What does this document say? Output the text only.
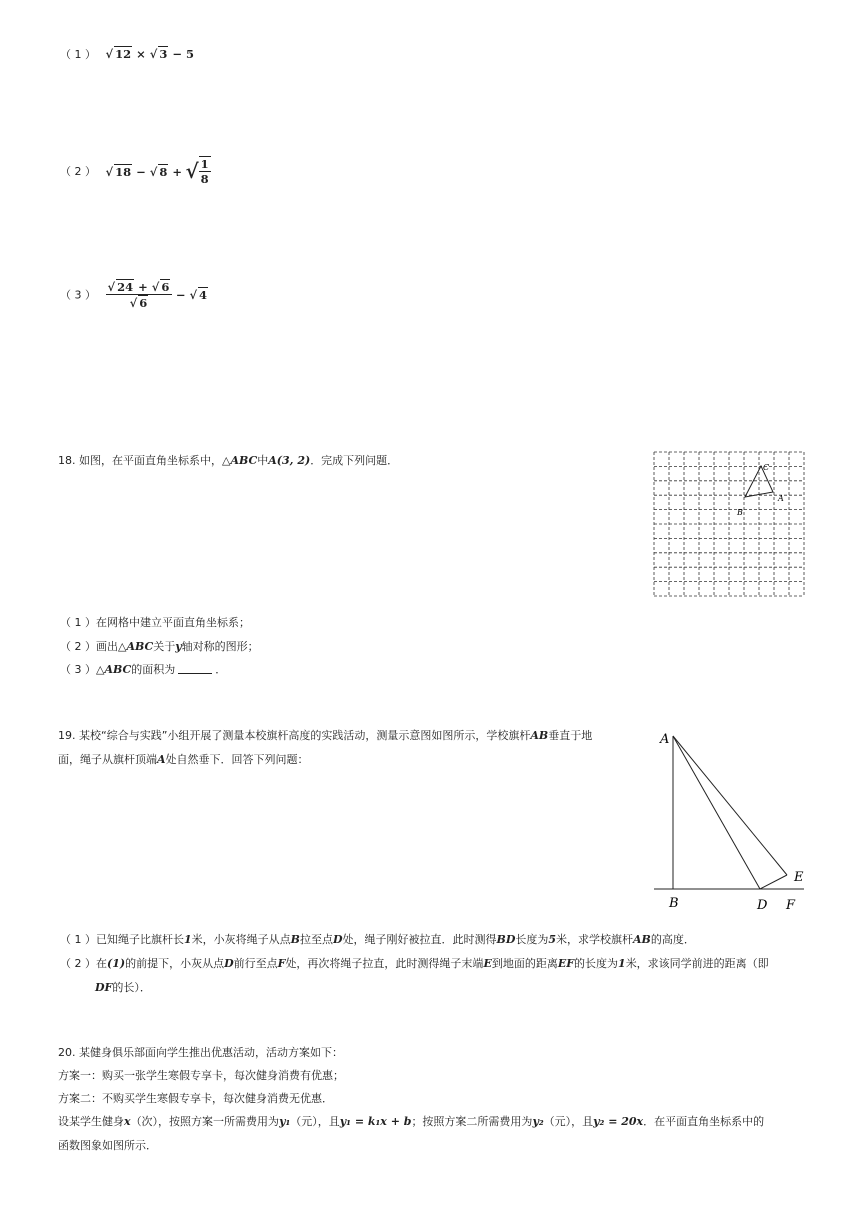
（ 1 ） √ 12 × √ 3 − 5
（ 2 ） √ 18 − √ 8 + √ $\frac{1}{8}$
（ 3 ） $\frac{√ 24 + √ 6}{√ 6}$ − √ 4
18. 如图，在平面直角坐标系中，△ABC中A(3, 2)．完成下列问题．
B
A
C
（ 1 ）在网格中建立平面直角坐标系；
（ 2 ）画出△ABC关于y轴对称的图形；
（ 3 ）△ABC的面积为	．
19. 某校“综合与实践”小组开展了测量本校旗杆高度的实践活动，测量示意图如图所示，学校旗杆AB垂直于地
面，绳子从旗杆顶端A处自然垂下．回答下列问题：
A
B	D
E
F
（ 1 ）已知绳子比旗杆长1米，小灰将绳子从点B拉至点D处，绳子刚好被拉直．此时测得BD长度为5米，求学校旗杆AB的高度．
（ 2 ）在(1)的前提下，小灰从点D前行至点F处，再次将绳子拉直，此时测得绳子末端E到地面的距离EF的长度为1米，求该同学前进的距离（即
DF的长）．
20. 某健身俱乐部面向学生推出优惠活动，活动方案如下：
方案一：购买一张学生寒假专享卡，每次健身消费有优惠；
方案二：不购买学生寒假专享卡，每次健身消费无优惠．
设某学生健身x（次），按照方案一所需费用为y₁（元），且y₁ = k₁x + b；按照方案二所需费用为y₂（元），且y₂ = 20x．在平面直角坐标系中的
函数图象如图所示．
